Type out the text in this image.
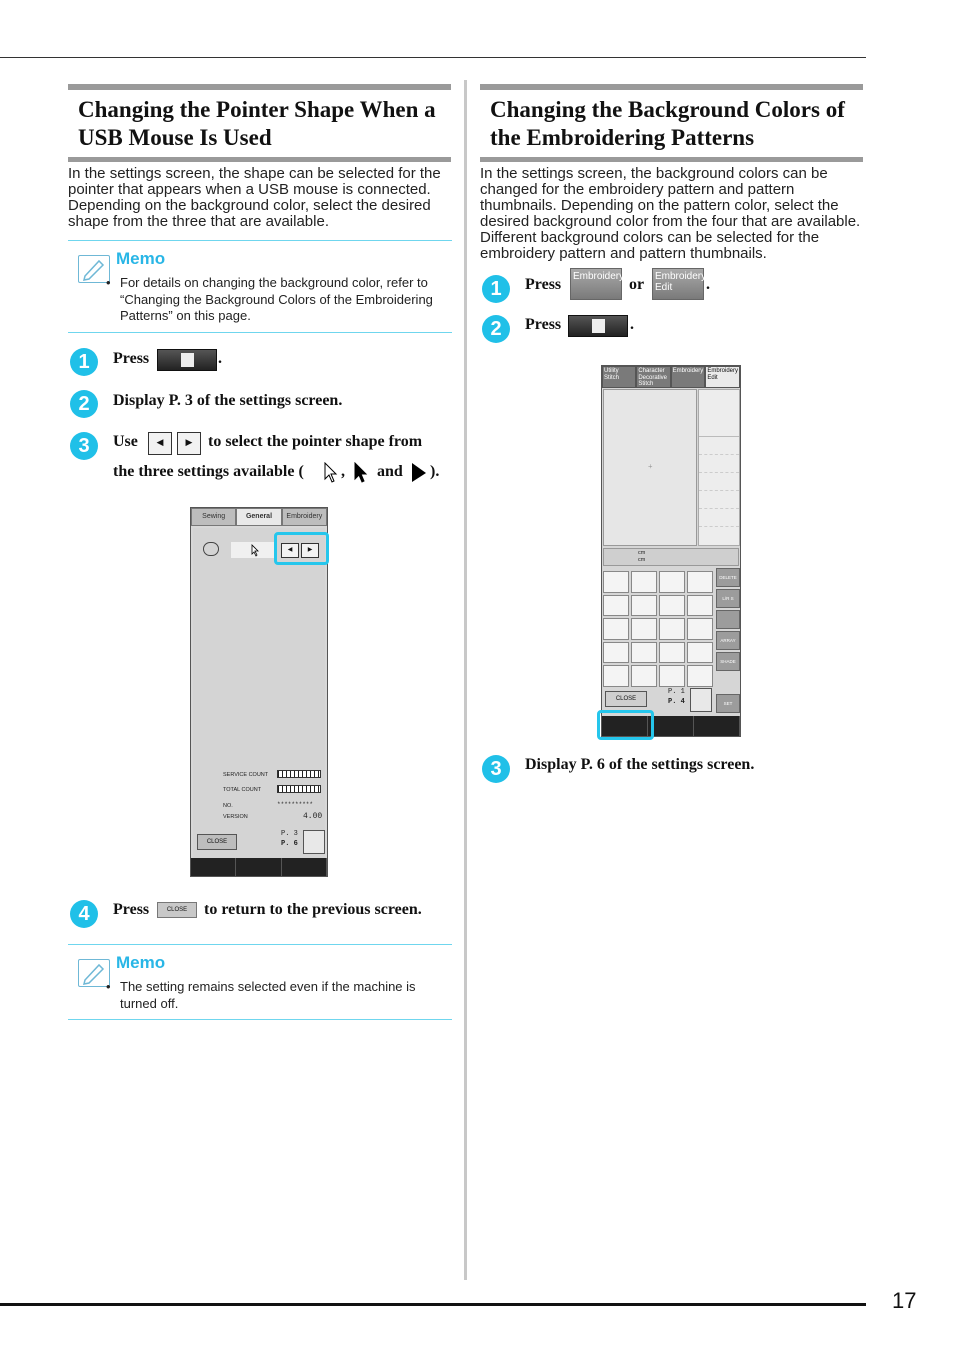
Changing the Pointer Shape When a USB Mouse Is Used
In the settings screen, the shape can be selected for the pointer that appears when a USB mouse is connected. Depending on the background color, select the desired shape from the three that are available.
Memo
• For details on changing the background color, refer to “Changing the Background Colors of the Embroidering Patterns” on this page.
1	Press	.
2	Display P. 3 of the settings screen.
3	Use	◀	▶ to select the pointer shape from
the three settings available ( , and ).
Sewing	General	Embroidery
◀	▶
SERVICE COUNT
TOTAL COUNT
NO.	**********
VERSION	4.00
CLOSE
P. 3
P. 6
4	Press	CLOSE	to return to the previous screen.
Memo
• The setting remains selected even if the machine is turned off.
Changing the Background Colors of the Embroidering Patterns
In the settings screen, the background colors can be changed for the embroidery pattern and pattern thumbnails. Depending on the pattern color, select the desired background color from the four that are available. Different background colors can be selected for the embroidery pattern and pattern thumbnails.
1	Press	Embroidery or	Embroidery
Edit	.
2	Press	.
Utility Stitch
Character Decorative Stitch
Embroidery Embroidery Edit
+
cm
cm
DELETE
L/R S
ARRAY
SHADE
SET
CLOSE
P. 1
P. 4
3	Display P. 6 of the settings screen.
17
